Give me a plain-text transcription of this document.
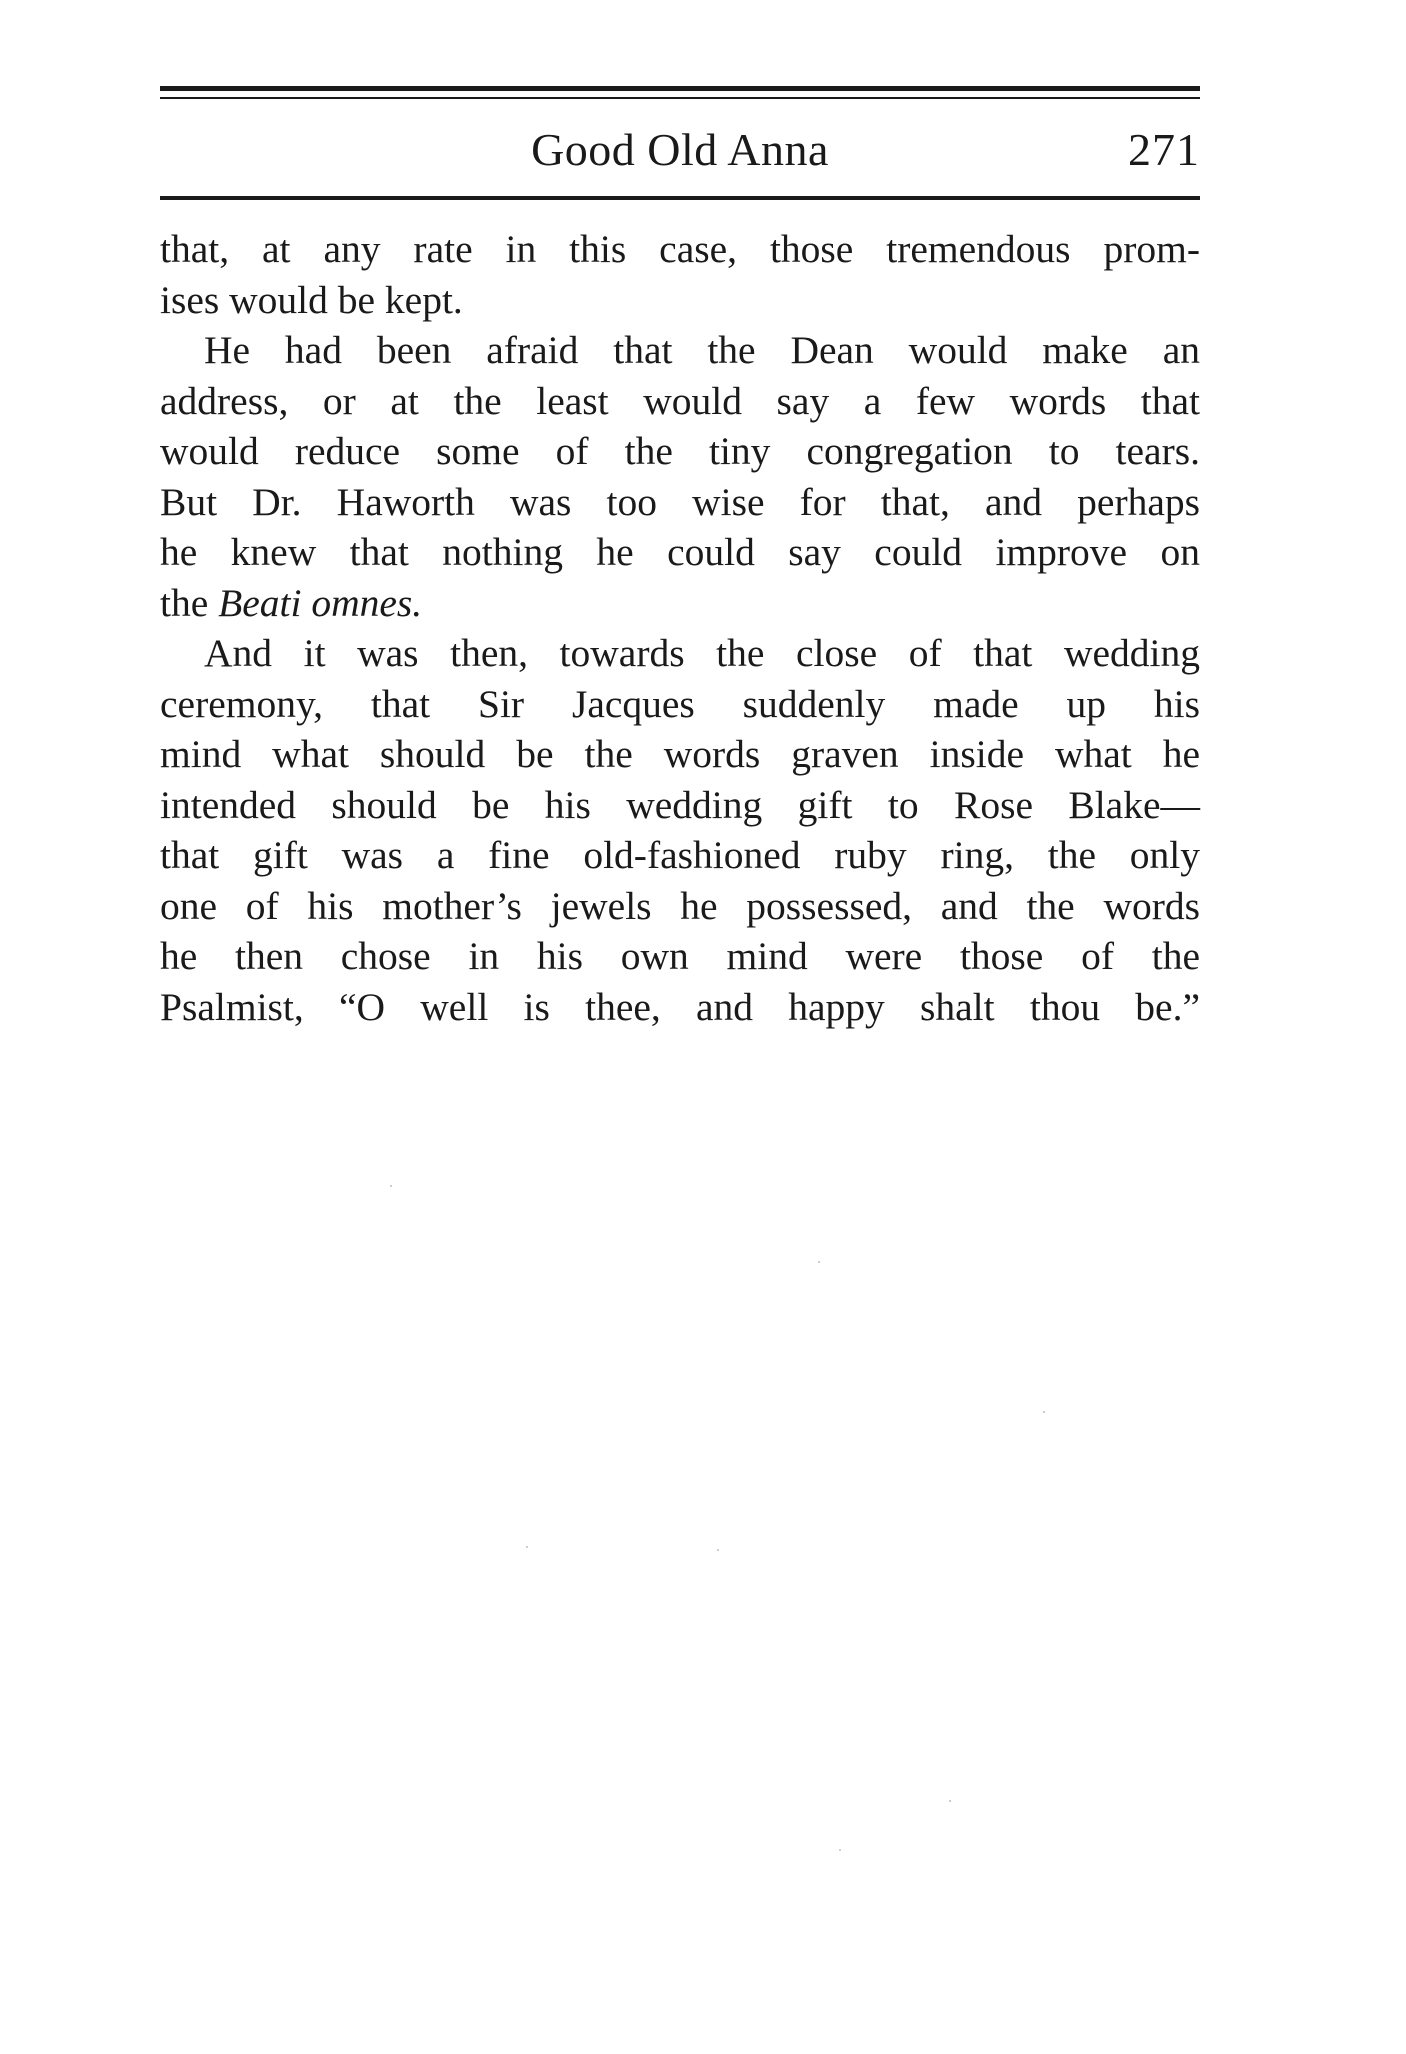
Good Old Anna	271

that, at any rate in this case, those tremendous prom-

ises would be kept.

He had been afraid that the Dean would make an

address, or at the least would say a few words that

would reduce some of the tiny congregation to tears.

But Dr. Haworth was too wise for that, and perhaps

he knew that nothing he could say could improve on

the Beati omnes.

And it was then, towards the close of that wedding

ceremony, that Sir Jacques suddenly made up his

mind what should be the words graven inside what he

intended should be his wedding gift to Rose Blake—

that gift was a fine old-fashioned ruby ring, the only

one of his mother’s jewels he possessed, and the words

he then chose in his own mind were those of the

Psalmist, “O well is thee, and happy shalt thou be.”
